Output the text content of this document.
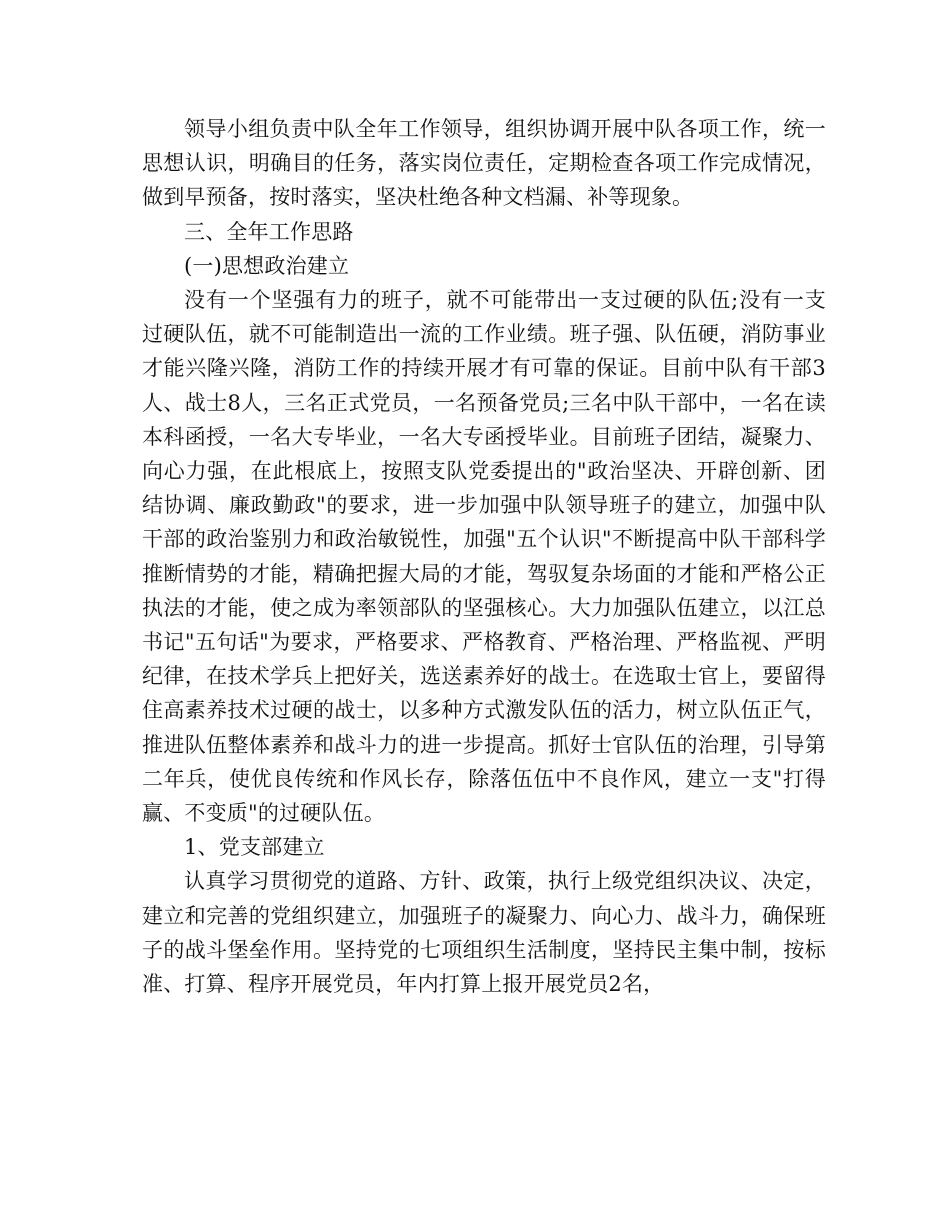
领导小组负责中队全年工作领导，组织协调开展中队各项工作，统一思想认识，明确目的任务，落实岗位责任，定期检查各项工作完成情况，做到早预备，按时落实，坚决杜绝各种文档漏、补等现象。

三、全年工作思路

(一)思想政治建立

没有一个坚强有力的班子，就不可能带出一支过硬的队伍;没有一支过硬队伍，就不可能制造出一流的工作业绩。班子强、队伍硬，消防事业才能兴隆兴隆，消防工作的持续开展才有可靠的保证。目前中队有干部3人、战士8人，三名正式党员，一名预备党员;三名中队干部中，一名在读本科函授，一名大专毕业，一名大专函授毕业。目前班子团结，凝聚力、向心力强，在此根底上，按照支队党委提出的"政治坚决、开辟创新、团结协调、廉政勤政"的要求，进一步加强中队领导班子的建立，加强中队干部的政治鉴别力和政治敏锐性，加强"五个认识"不断提高中队干部科学推断情势的才能，精确把握大局的才能，驾驭复杂场面的才能和严格公正执法的才能，使之成为率领部队的坚强核心。大力加强队伍建立，以江总书记"五句话"为要求，严格要求、严格教育、严格治理、严格监视、严明纪律，在技术学兵上把好关，选送素养好的战士。在选取士官上，要留得住高素养技术过硬的战士，以多种方式激发队伍的活力，树立队伍正气，推进队伍整体素养和战斗力的进一步提高。抓好士官队伍的治理，引导第二年兵，使优良传统和作风长存，除落伍伍中不良作风，建立一支"打得赢、不变质"的过硬队伍。

1、党支部建立

认真学习贯彻党的道路、方针、政策，执行上级党组织决议、决定，建立和完善的党组织建立，加强班子的凝聚力、向心力、战斗力，确保班子的战斗堡垒作用。坚持党的七项组织生活制度，坚持民主集中制，按标准、打算、程序开展党员，年内打算上报开展党员2名，
